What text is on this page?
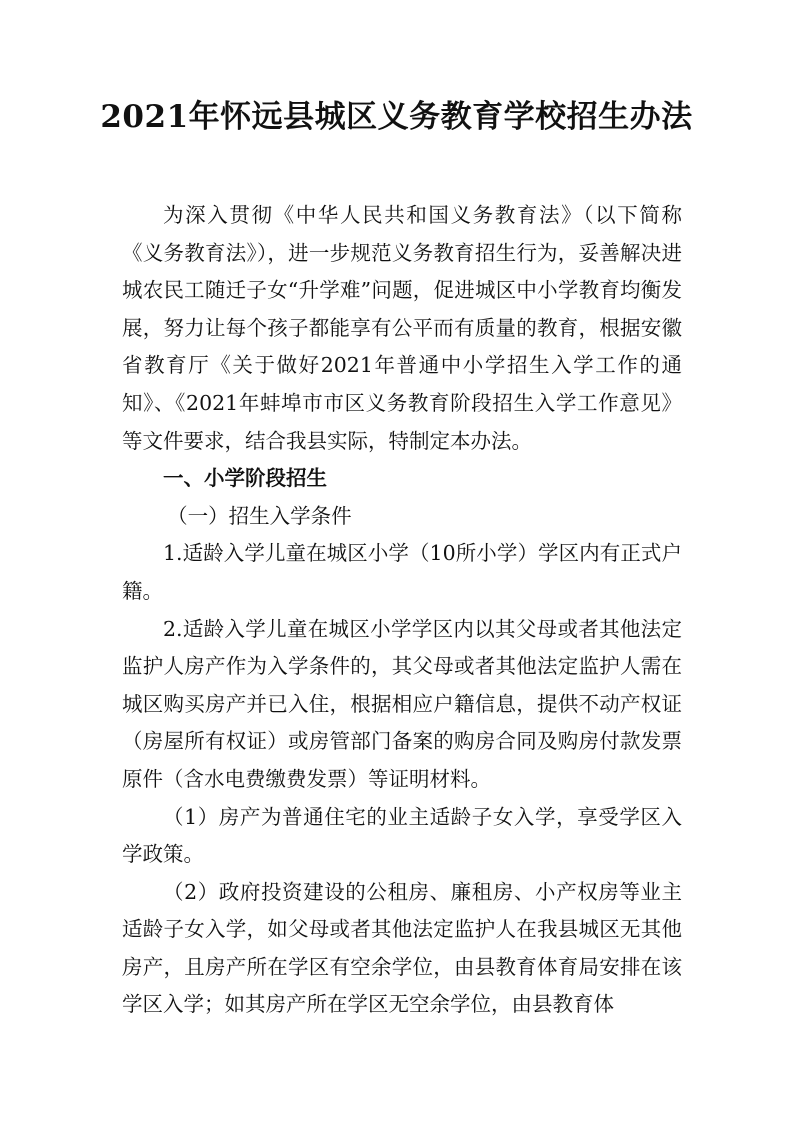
2021年怀远县城区义务教育学校招生办法

为深入贯彻《中华人民共和国义务教育法》（以下简称《义务教育法》），进一步规范义务教育招生行为，妥善解决进城农民工随迁子女“升学难”问题，促进城区中小学教育均衡发展，努力让每个孩子都能享有公平而有质量的教育，根据安徽省教育厅《关于做好2021年普通中小学招生入学工作的通知》、《2021年蚌埠市市区义务教育阶段招生入学工作意见》等文件要求，结合我县实际，特制定本办法。

一、小学阶段招生

（一）招生入学条件

1.适龄入学儿童在城区小学（10所小学）学区内有正式户籍。

2.适龄入学儿童在城区小学学区内以其父母或者其他法定监护人房产作为入学条件的，其父母或者其他法定监护人需在城区购买房产并已入住，根据相应户籍信息，提供不动产权证（房屋所有权证）或房管部门备案的购房合同及购房付款发票原件（含水电费缴费发票）等证明材料。

（1）房产为普通住宅的业主适龄子女入学，享受学区入学政策。

（2）政府投资建设的公租房、廉租房、小产权房等业主适龄子女入学，如父母或者其他法定监护人在我县城区无其他房产，且房产所在学区有空余学位，由县教育体育局安排在该学区入学；如其房产所在学区无空余学位，由县教育体
